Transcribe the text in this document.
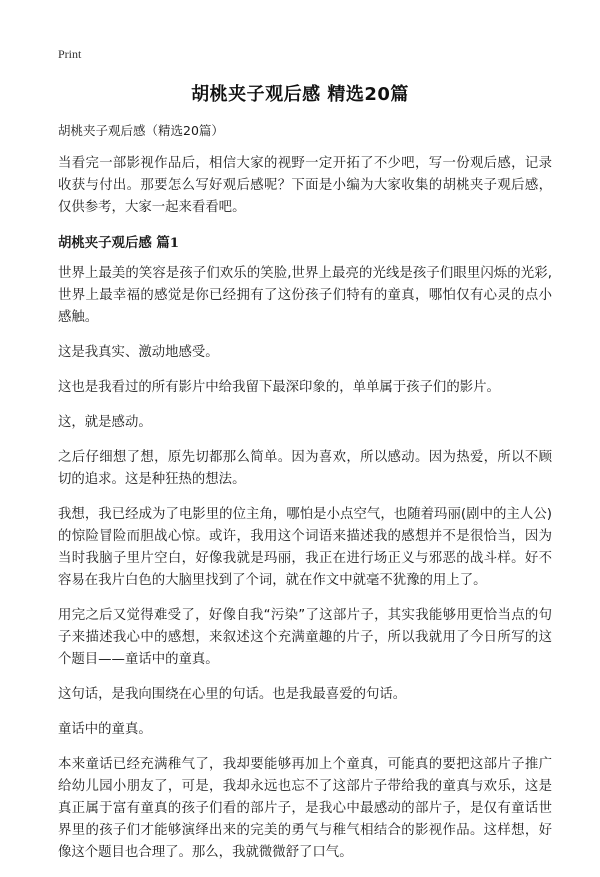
Print
胡桃夹子观后感 精选20篇

胡桃夹子观后感（精选20篇）

当看完一部影视作品后，相信大家的视野一定开拓了不少吧，写一份观后感，记录收获与付出。那要怎么写好观后感呢？下面是小编为大家收集的胡桃夹子观后感，仅供参考，大家一起来看看吧。

胡桃夹子观后感 篇1

世界上最美的笑容是孩子们欢乐的笑脸,世界上最亮的光线是孩子们眼里闪烁的光彩,世界上最幸福的感觉是你已经拥有了这份孩子们特有的童真，哪怕仅有心灵的点小感触。

这是我真实、激动地感受。

这也是我看过的所有影片中给我留下最深印象的，单单属于孩子们的影片。

这，就是感动。

之后仔细想了想，原先切都那么简单。因为喜欢，所以感动。因为热爱，所以不顾切的追求。这是种狂热的想法。

我想，我已经成为了电影里的位主角，哪怕是小点空气，也随着玛丽(剧中的主人公)的惊险冒险而胆战心惊。或许，我用这个词语来描述我的感想并不是很恰当，因为当时我脑子里片空白，好像我就是玛丽，我正在进行场正义与邪恶的战斗样。好不容易在我片白色的大脑里找到了个词，就在作文中就毫不犹豫的用上了。

用完之后又觉得难受了，好像自我“污染”了这部片子，其实我能够用更恰当点的句子来描述我心中的感想，来叙述这个充满童趣的片子，所以我就用了今日所写的这个题目——童话中的童真。

这句话，是我向围绕在心里的句话。也是我最喜爱的句话。

童话中的童真。

本来童话已经充满稚气了，我却要能够再加上个童真，可能真的要把这部片子推广给幼儿园小朋友了，可是，我却永远也忘不了这部片子带给我的童真与欢乐，这是真正属于富有童真的孩子们看的部片子，是我心中最感动的部片子，是仅有童话世界里的孩子们才能够演绎出来的完美的勇气与稚气相结合的影视作品。这样想，好像这个题目也合理了。那么，我就微微舒了口气。
